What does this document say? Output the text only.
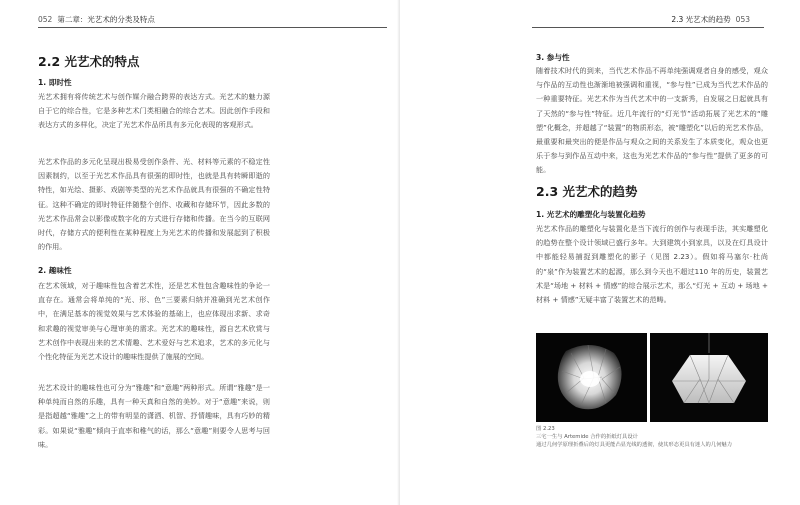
052 第二章：光艺术的分类及特点
2.2 光艺术的特点
1. 即时性

光艺术拥有将传统艺术与创作媒介融合跨界的表达方式。光艺术的魅力源自于它的综合性，它是多种艺术门类相融合的综合艺术。因此创作手段和表达方式的多样化，决定了光艺术作品所具有多元化表现的客观形式。

光艺术作品的多元化呈现出极易受创作条件、光、材料等元素的不稳定性因素制约，以至于光艺术作品具有很强的即时性，也就是具有转瞬即逝的特性，如光绘、摄影、戏剧等类型的光艺术作品就具有很强的不确定性特征。这种不确定的即时特征伴随整个创作、收藏和存储环节，因此多数的光艺术作品常会以影像或数字化的方式进行存储和传播。在当今的互联网时代，存储方式的便利性在某种程度上为光艺术的传播和发展起到了积极的作用。

2. 趣味性

在艺术领域，对于趣味性包含着艺术性，还是艺术性包含趣味性的争论一直存在。通常会将单纯的“光、形、色”三要素归纳并准确到光艺术创作中，在满足基本的视觉效果与艺术体验的基础上，也应体现出求新、求奇和求趣的视觉审美与心理审美的需求。光艺术的趣味性，源自艺术欣赏与艺术创作中表现出来的艺术情趣、艺术爱好与艺术追求，艺术的多元化与个性化特征为光艺术设计的趣味性提供了施展的空间。

光艺术设计的趣味性也可分为“雅趣”和“意趣”两种形式。所谓“雅趣”是一种单纯而自然的乐趣，具有一种天真和自然的美妙。对于“意趣”来说，则是指超越“雅趣”之上的带有明显的潇洒、机智、抒情趣味，具有巧妙的精彩。如果说“雅趣”倾向于直率和稚气的话，那么“意趣”则要令人思考与回味。

2.3 光艺术的趋势 053
3. 参与性

随着技术时代的到来，当代艺术作品不再单纯强调观者自身的感受，观众与作品的互动性也渐渐地被强调和重视，“参与性”已成为当代艺术作品的一种重要特征。光艺术作为当代艺术中的一支新秀，自发展之日起就具有了天然的“参与性”特征。近几年流行的“灯光节”活动拓展了光艺术的“雕塑”化概念，并超越了“装置”的物质形态，被“雕塑化”以后的光艺术作品，最重要和最突出的便是作品与观众之间的关系发生了本质变化，观众也更乐于参与到作品互动中来，这也为光艺术作品的“参与性”提供了更多的可能。

2.3 光艺术的趋势
1. 光艺术的雕塑化与装置化趋势

光艺术作品的雕塑化与装置化是当下流行的创作与表现手法，其实雕塑化的趋势在整个设计领域已盛行多年。大到建筑小到家具，以及在灯具设计中都能轻易捕捉到雕塑化的影子（见图 2.23）。假如将马塞尔·杜尚的“泉”作为装置艺术的起源，那么到今天也不超过110 年的历史，装置艺术是“场地 + 材料 + 情感”的综合展示艺术，那么“灯光 + 互动 + 场地 + 材料 + 情感”无疑丰富了装置艺术的范畴。

图 2.23
三宅一生与 Artemide 合作的折纸灯具设计
通过几何学原理折叠后的灯具更能凸显光线的透彻，使其形态更具有迷人的几何魅力
